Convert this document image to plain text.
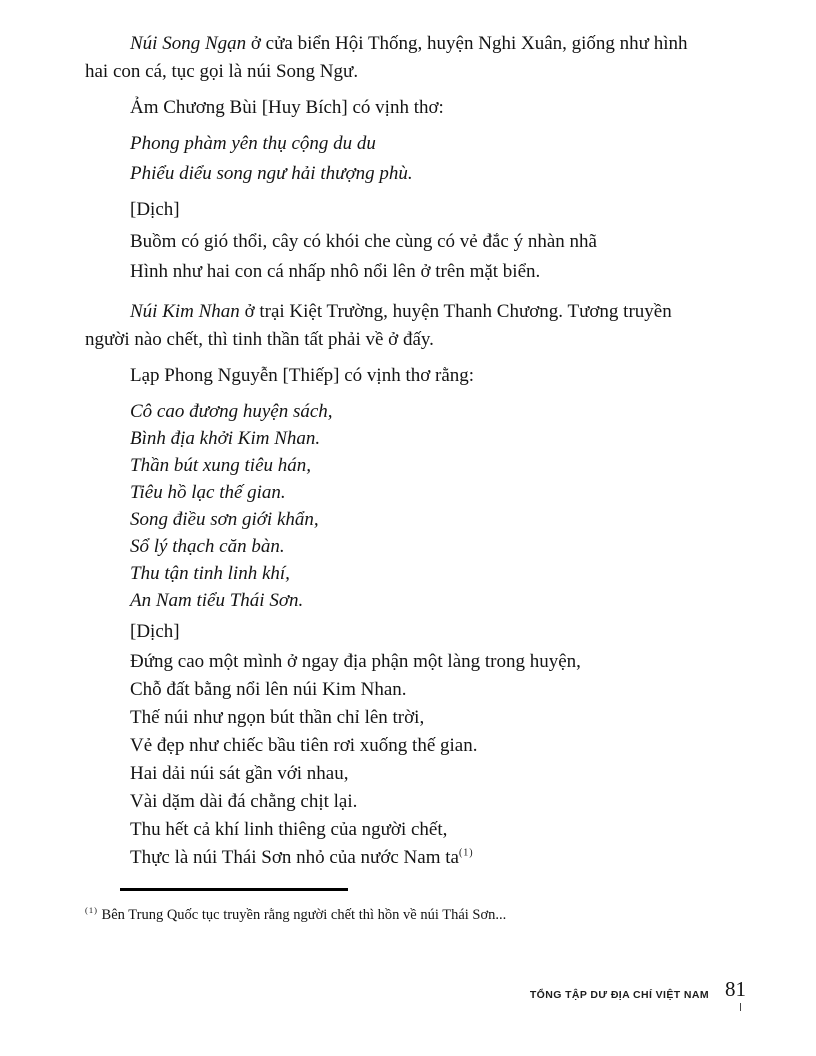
Núi Song Ngạn ở cửa biển Hội Thống, huyện Nghi Xuân, giống như hình
hai con cá, tục gọi là núi Song Ngư.
Ảm Chương Bùi [Huy Bích] có vịnh thơ:
Phong phàm yên thụ cộng du du
Phiểu diểu song ngư hải thượng phù.
[Dịch]
Buồm có gió thổi, cây có khói che cùng có vẻ đắc ý nhàn nhã
Hình như hai con cá nhấp nhô nổi lên ở trên mặt biển.
Núi Kim Nhan ở trại Kiệt Trường, huyện Thanh Chương. Tương truyền
người nào chết, thì tinh thần tất phải về ở đấy.
Lạp Phong Nguyễn [Thiếp] có vịnh thơ rằng:
Cô cao đương huyện sách,
Bình địa khởi Kim Nhan.
Thần bút xung tiêu hán,
Tiêu hồ lạc thế gian.
Song điều sơn giới khẩn,
Sổ lý thạch căn bàn.
Thu tận tinh linh khí,
An Nam tiểu Thái Sơn.
[Dịch]
Đứng cao một mình ở ngay địa phận một làng trong huyện,
Chỗ đất bằng nổi lên núi Kim Nhan.
Thế núi như ngọn bút thần chỉ lên trời,
Vẻ đẹp như chiếc bầu tiên rơi xuống thế gian.
Hai dải núi sát gần với nhau,
Vài dặm dài đá chằng chịt lại.
Thu hết cả khí linh thiêng của người chết,
Thực là núi Thái Sơn nhỏ của nước Nam ta$^{(1)}$
$^{(1)}$ Bên Trung Quốc tục truyền rằng người chết thì hồn về núi Thái Sơn...
TỔNG TẬP DƯ ĐỊA CHÍ VIỆT NAM 81
